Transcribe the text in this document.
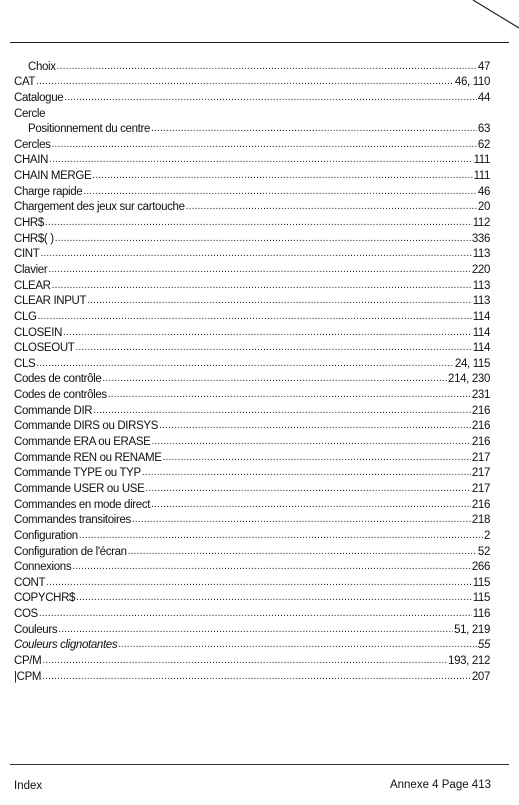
Choix .....	47
CAT .....	46, 110
Catalogue .....	44
Cercle
Positionnement du centre .....	63
Cercles .....	62
CHAIN .....	111
CHAIN MERGE .....	111
Charge rapide .....	46
Chargement des jeux sur cartouche .....	20
CHR$ .....	112
CHR$( ) .....	336
CINT .....	113
Clavier .....	220
CLEAR .....	113
CLEAR INPUT .....	113
CLG .....	114
CLOSEIN .....	114
CLOSEOUT .....	114
CLS .....	24, 115
Codes de contrôle .....	214, 230
Codes de contrôles .....	231
Commande DIR .....	216
Commande DIRS ou DIRSYS .....	216
Commande ERA ou ERASE .....	216
Commande REN ou RENAME .....	217
Commande TYPE ou TYP .....	217
Commande USER ou USE .....	217
Commandes en mode direct .....	216
Commandes transitoires .....	218
Configuration .....	2
Configuration de l'écran .....	52
Connexions .....	266
CONT .....	115
COPYCHR$ .....	115
COS .....	116
Couleurs .....	51, 219
Couleurs clignotantes .....	55
CP/M .....	193, 212
|CPM .....	207
Index	Annexe 4 Page 413
